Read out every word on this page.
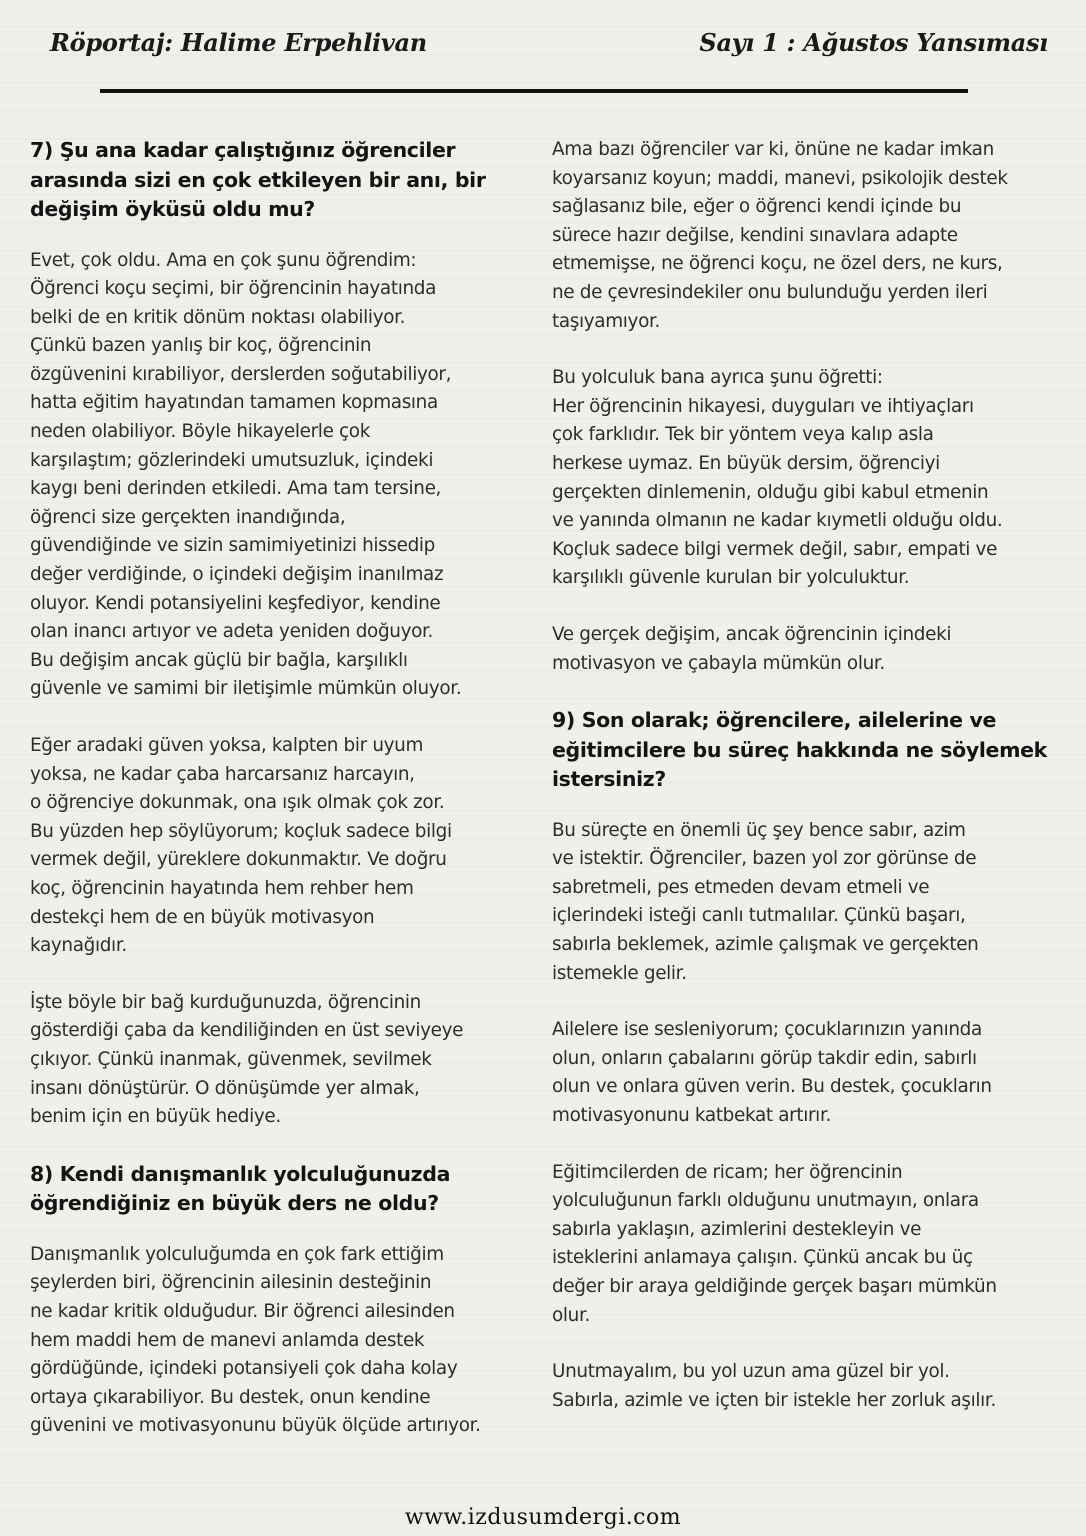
Röportaj: Halime Erpehlivan	Sayı 1 : Ağustos Yansıması
7) Şu ana kadar çalıştığınız öğrenciler
arasında sizi en çok etkileyen bir anı, bir
değişim öyküsü oldu mu?
Evet, çok oldu. Ama en çok şunu öğrendim:
Öğrenci koçu seçimi, bir öğrencinin hayatında
belki de en kritik dönüm noktası olabiliyor.
Çünkü bazen yanlış bir koç, öğrencinin
özgüvenini kırabiliyor, derslerden soğutabiliyor,
hatta eğitim hayatından tamamen kopmasına
neden olabiliyor. Böyle hikayelerle çok
karşılaştım; gözlerindeki umutsuzluk, içindeki
kaygı beni derinden etkiledi. Ama tam tersine,
öğrenci size gerçekten inandığında,
güvendiğinde ve sizin samimiyetinizi hissedip
değer verdiğinde, o içindeki değişim inanılmaz
oluyor. Kendi potansiyelini keşfediyor, kendine
olan inancı artıyor ve adeta yeniden doğuyor.
Bu değişim ancak güçlü bir bağla, karşılıklı
güvenle ve samimi bir iletişimle mümkün oluyor.
Eğer aradaki güven yoksa, kalpten bir uyum
yoksa, ne kadar çaba harcarsanız harcayın,
o öğrenciye dokunmak, ona ışık olmak çok zor.
Bu yüzden hep söylüyorum; koçluk sadece bilgi
vermek değil, yüreklere dokunmaktır. Ve doğru
koç, öğrencinin hayatında hem rehber hem
destekçi hem de en büyük motivasyon
kaynağıdır.
İşte böyle bir bağ kurduğunuzda, öğrencinin
gösterdiği çaba da kendiliğinden en üst seviyeye
çıkıyor. Çünkü inanmak, güvenmek, sevilmek
insanı dönüştürür. O dönüşümde yer almak,
benim için en büyük hediye.
8) Kendi danışmanlık yolculuğunuzda
öğrendiğiniz en büyük ders ne oldu?
Danışmanlık yolculuğumda en çok fark ettiğim
şeylerden biri, öğrencinin ailesinin desteğinin
ne kadar kritik olduğudur. Bir öğrenci ailesinden
hem maddi hem de manevi anlamda destek
gördüğünde, içindeki potansiyeli çok daha kolay
ortaya çıkarabiliyor. Bu destek, onun kendine
güvenini ve motivasyonunu büyük ölçüde artırıyor.
Ama bazı öğrenciler var ki, önüne ne kadar imkan
koyarsanız koyun; maddi, manevi, psikolojik destek
sağlasanız bile, eğer o öğrenci kendi içinde bu
sürece hazır değilse, kendini sınavlara adapte
etmemişse, ne öğrenci koçu, ne özel ders, ne kurs,
ne de çevresindekiler onu bulunduğu yerden ileri
taşıyamıyor.
Bu yolculuk bana ayrıca şunu öğretti:
Her öğrencinin hikayesi, duyguları ve ihtiyaçları
çok farklıdır. Tek bir yöntem veya kalıp asla
herkese uymaz. En büyük dersim, öğrenciyi
gerçekten dinlemenin, olduğu gibi kabul etmenin
ve yanında olmanın ne kadar kıymetli olduğu oldu.
Koçluk sadece bilgi vermek değil, sabır, empati ve
karşılıklı güvenle kurulan bir yolculuktur.
Ve gerçek değişim, ancak öğrencinin içindeki
motivasyon ve çabayla mümkün olur.
9) Son olarak; öğrencilere, ailelerine ve
eğitimcilere bu süreç hakkında ne söylemek
istersiniz?
Bu süreçte en önemli üç şey bence sabır, azim
ve istektir. Öğrenciler, bazen yol zor görünse de
sabretmeli, pes etmeden devam etmeli ve
içlerindeki isteği canlı tutmalılar. Çünkü başarı,
sabırla beklemek, azimle çalışmak ve gerçekten
istemekle gelir.
Ailelere ise sesleniyorum; çocuklarınızın yanında
olun, onların çabalarını görüp takdir edin, sabırlı
olun ve onlara güven verin. Bu destek, çocukların
motivasyonunu katbekat artırır.
Eğitimcilerden de ricam; her öğrencinin
yolculuğunun farklı olduğunu unutmayın, onlara
sabırla yaklaşın, azimlerini destekleyin ve
isteklerini anlamaya çalışın. Çünkü ancak bu üç
değer bir araya geldiğinde gerçek başarı mümkün
olur.
Unutmayalım, bu yol uzun ama güzel bir yol.
Sabırla, azimle ve içten bir istekle her zorluk aşılır.
www.izdusumdergi.com
